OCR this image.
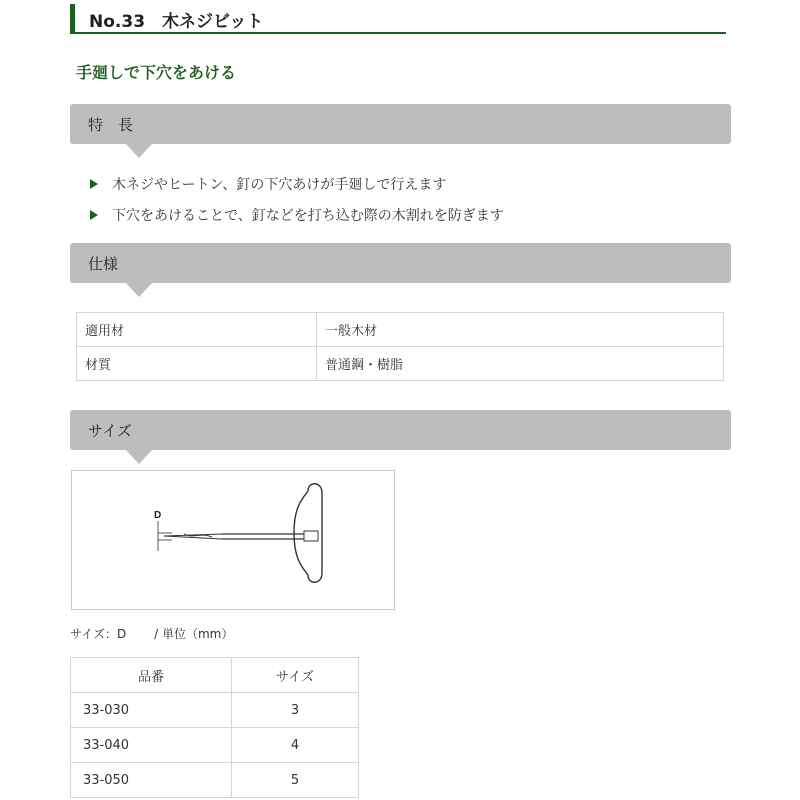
No.33　木ネジビット
手廻しで下穴をあける
特　長
木ネジやヒートン、釘の下穴あけが手廻しで行えます
下穴をあけることで、釘などを打ち込む際の木割れを防ぎます
仕様
適用材	一般木材
材質	普通鋼・樹脂
サイズ
D
サイズ：D / 単位（mm）
品番	サイズ
33-030	3
33-040	4
33-050	5
